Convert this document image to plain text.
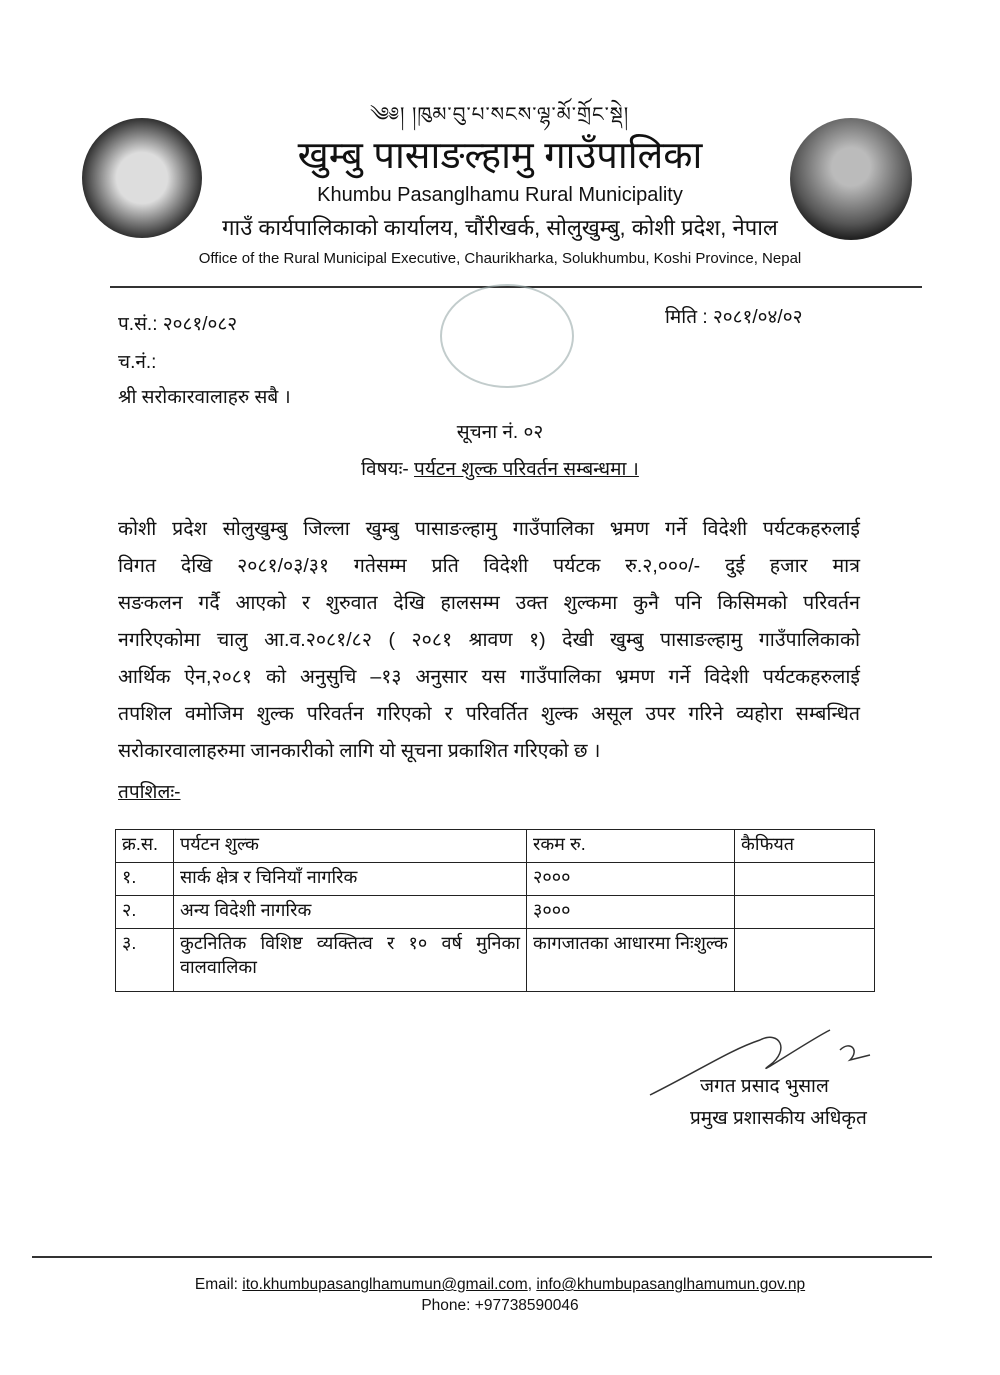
༄༅། །ཁུམ་བུ་པ་སངས་ལྷ་མོ་གྲོང་སྡེ།
खुम्बु पासाङल्हामु गाउँपालिका
Khumbu Pasanglhamu Rural Municipality
गाउँ कार्यपालिकाको कार्यालय, चौंरीखर्क, सोलुखुम्बु, कोशी प्रदेश, नेपाल
Office of the Rural Municipal Executive, Chaurikharka, Solukhumbu, Koshi Province, Nepal
प.सं.: २०८१/०८२	मिति : २०८१/०४/०२
च.नं.:
श्री सरोकारवालाहरु सबै ।
सूचना नं. ०२
विषयः- पर्यटन शुल्क परिवर्तन सम्बन्धमा ।
कोशी प्रदेश सोलुखुम्बु जिल्ला खुम्बु पासाङल्हामु गाउँपालिका भ्रमण गर्ने विदेशी पर्यटकहरुलाई
विगत देखि २०८१/०३/३१ गतेसम्म प्रति विदेशी पर्यटक रु.२,०००/- दुई हजार मात्र
सङकलन गर्दै आएको र शुरुवात देखि हालसम्म उक्त शुल्कमा कुनै पनि किसिमको परिवर्तन
नगरिएकोमा चालु आ.व.२०८१/८२ ( २०८१ श्रावण १) देखी खुम्बु पासाङल्हामु गाउँपालिकाको
आर्थिक ऐन,२०८१ को अनुसुचि –१३ अनुसार यस गाउँपालिका भ्रमण गर्ने विदेशी पर्यटकहरुलाई
तपशिल वमोजिम शुल्क परिवर्तन गरिएको र परिवर्तित शुल्क असूल उपर गरिने व्यहोरा सम्बन्धित
सरोकारवालाहरुमा जानकारीको लागि यो सूचना प्रकाशित गरिएको छ ।
तपशिलः-
क्र.स.	पर्यटन शुल्क	रकम रु.	कैफियत
१.	सार्क क्षेत्र र चिनियाँ नागरिक	२०००	
२.	अन्य विदेशी नागरिक	३०००	
३.	कुटनितिक विशिष्ट व्यक्तित्व र १० वर्ष मुनिका वालवालिका	कागजातका आधारमा निःशुल्क	
जगत प्रसाद भुसाल
प्रमुख प्रशासकीय अधिकृत
Email: ito.khumbupasanglhamumun@gmail.com, info@khumbupasanglhamumun.gov.np
Phone: +97738590046
